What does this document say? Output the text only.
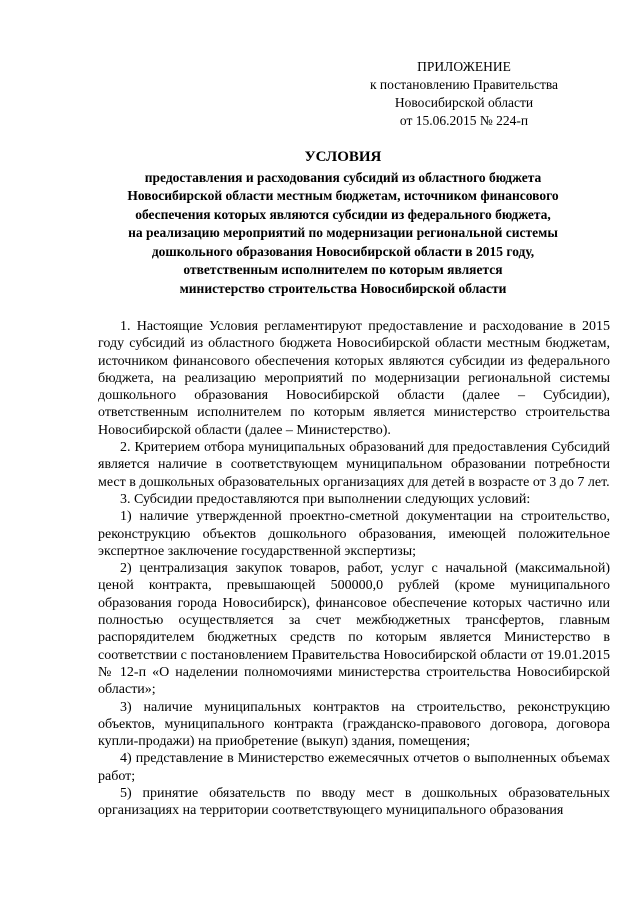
ПРИЛОЖЕНИЕ
к постановлению Правительства
Новосибирской области
от 15.06.2015 № 224-п
УСЛОВИЯ
предоставления и расходования субсидий из областного бюджета
Новосибирской области местным бюджетам, источником финансового
обеспечения которых являются субсидии из федерального бюджета,
на реализацию мероприятий по модернизации региональной системы
дошкольного образования Новосибирской области в 2015 году,
ответственным исполнителем по которым является
министерство строительства Новосибирской области

1. Настоящие Условия регламентируют предоставление и расходование в 2015 году субсидий из областного бюджета Новосибирской области местным бюджетам, источником финансового обеспечения которых являются субсидии из федерального бюджета, на реализацию мероприятий по модернизации региональной системы дошкольного образования Новосибирской области (далее – Субсидии), ответственным исполнителем по которым является министерство строительства Новосибирской области (далее – Министерство).

2. Критерием отбора муниципальных образований для предоставления Субсидий является наличие в соответствующем муниципальном образовании потребности мест в дошкольных образовательных организациях для детей в возрасте от 3 до 7 лет.

3. Субсидии предоставляются при выполнении следующих условий:

1) наличие утвержденной проектно-сметной документации на строительство, реконструкцию объектов дошкольного образования, имеющей положительное экспертное заключение государственной экспертизы;

2) централизация закупок товаров, работ, услуг с начальной (максимальной) ценой контракта, превышающей 500000,0 рублей (кроме муниципального образования города Новосибирск), финансовое обеспечение которых частично или полностью осуществляется за счет межбюджетных трансфертов, главным распорядителем бюджетных средств по которым является Министерство в соответствии с постановлением Правительства Новосибирской области от 19.01.2015 № 12-п «О наделении полномочиями министерства строительства Новосибирской области»;

3) наличие муниципальных контрактов на строительство, реконструкцию объектов, муниципального контракта (гражданско-правового договора, договора купли-продажи) на приобретение (выкуп) здания, помещения;

4) представление в Министерство ежемесячных отчетов о выполненных объемах работ;

5) принятие обязательств по вводу мест в дошкольных образовательных организациях на территории соответствующего муниципального образования
